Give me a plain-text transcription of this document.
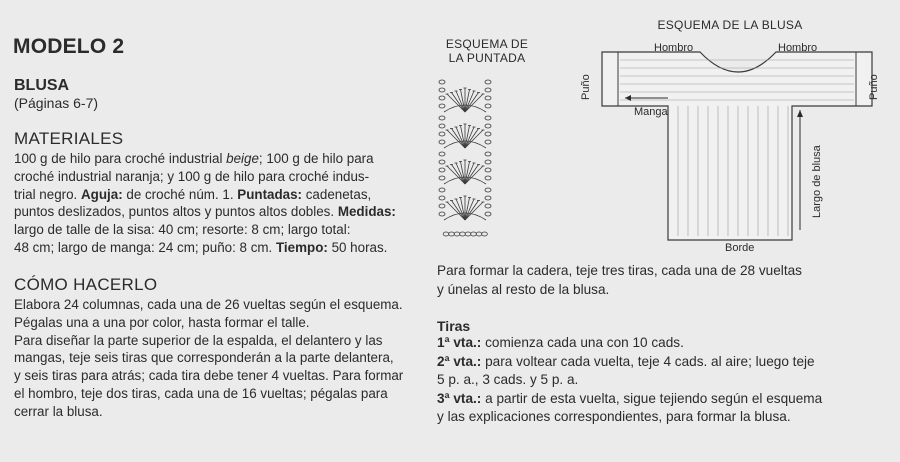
MODELO 2
BLUSA
(Páginas 6-7)
MATERIALES
100 g de hilo para croché industrial beige; 100 g de hilo para
croché industrial naranja; y 100 g de hilo para croché indus-
trial negro. Aguja: de croché núm. 1. Puntadas: cadenetas,
puntos deslizados, puntos altos y puntos altos dobles. Medidas:
largo de talle de la sisa: 40 cm; resorte: 8 cm; largo total:
48 cm; largo de manga: 24 cm; puño: 8 cm. Tiempo: 50 horas.
CÓMO HACERLO
Elabora 24 columnas, cada una de 26 vueltas según el esquema.
Pégalas una a una por color, hasta formar el talle.
Para diseñar la parte superior de la espalda, el delantero y las
mangas, teje seis tiras que corresponderán a la parte delantera,
y seis tiras para atrás; cada tira debe tener 4 vueltas. Para formar
el hombro, teje dos tiras, cada una de 16 vueltas; pégalas para
cerrar la blusa.
ESQUEMA DE
LA PUNTADA
ESQUEMA DE LA BLUSA
Hombro	Hombro
Puño	Puño
Manga
Largo de blusa
Borde
Para formar la cadera, teje tres tiras, cada una de 28 vueltas
y únelas al resto de la blusa.
Tiras
1ª vta.: comienza cada una con 10 cads.
2ª vta.: para voltear cada vuelta, teje 4 cads. al aire; luego teje
5 p. a., 3 cads. y 5 p. a.
3ª vta.: a partir de esta vuelta, sigue tejiendo según el esquema
y las explicaciones correspondientes, para formar la blusa.
